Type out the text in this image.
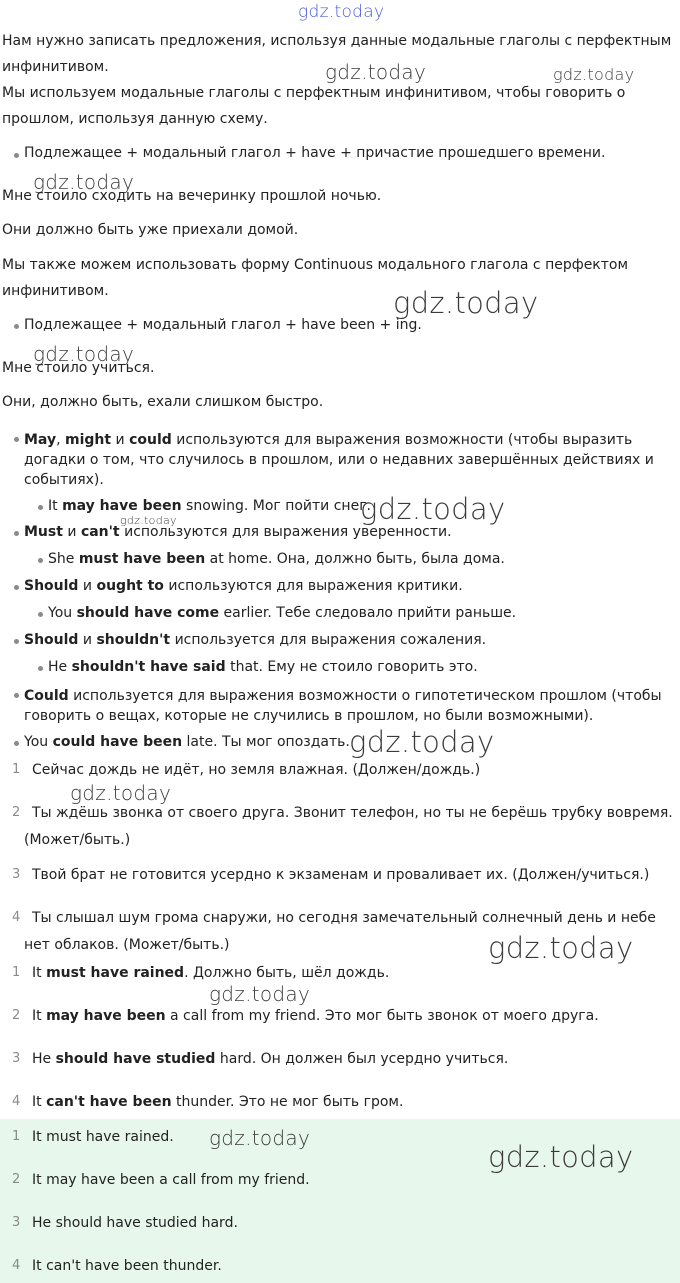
gdz.today
Нам нужно записать предложения, используя данные модальные глаголы с перфектным инфинитивом.	gdz.today	gdz.today
Мы используем модальные глаголы с перфектным инфинитивом, чтобы говорить о прошлом, используя данную схему.
Подлежащее + модальный глагол + have + причастие прошедшего времени.
gdz.today
Мне стоило сходить на вечеринку прошлой ночью.
Они должно быть уже приехали домой.
Мы также можем использовать форму Continuous модального глагола с перфектом инфинитивом.	gdz.today
Подлежащее + модальный глагол + have been + ing.
gdz.today
Мне стоило учиться.
Они, должно быть, ехали слишком быстро.
May, might и could используются для выражения возможности (чтобы выразить догадки о том, что случилось в прошлом, или о недавних завершённых действиях и событиях).
It may have been snowing. Мог пойти снег.
gdz.today
gdz.today
Must и can't используются для выражения уверенности.
She must have been at home. Она, должно быть, была дома.
Should и ought to используются для выражения критики.
You should have come earlier. Тебе следовало прийти раньше.
Should и shouldn't используется для выражения сожаления.
He shouldn't have said that. Ему не стоило говорить это.
Could используется для выражения возможности о гипотетическом прошлом (чтобы говорить о вещах, которые не случились в прошлом, но были возможными).
You could have been late. Ты мог опоздать. gdz.today
1 Сейчас дождь не идёт, но земля влажная. (Должен/дождь.)
gdz.today
2 Ты ждёшь звонка от своего друга. Звонит телефон, но ты не берёшь трубку вовремя.
(Может/быть.)
3 Твой брат не готовится усердно к экзаменам и проваливает их. (Должен/учиться.)
4 Ты слышал шум грома снаружи, но сегодня замечательный солнечный день и небе
нет облаков. (Может/быть.)	gdz.today
1 It must have rained. Должно быть, шёл дождь.
gdz.today
2 It may have been a call from my friend. Это мог быть звонок от моего друга.
3 He should have studied hard. Он должен был усердно учиться.
4 It can't have been thunder. Это не мог быть гром.
1 It must have rained. gdz.today
gdz.today
2 It may have been a call from my friend.
3 He should have studied hard.
4 It can't have been thunder.
